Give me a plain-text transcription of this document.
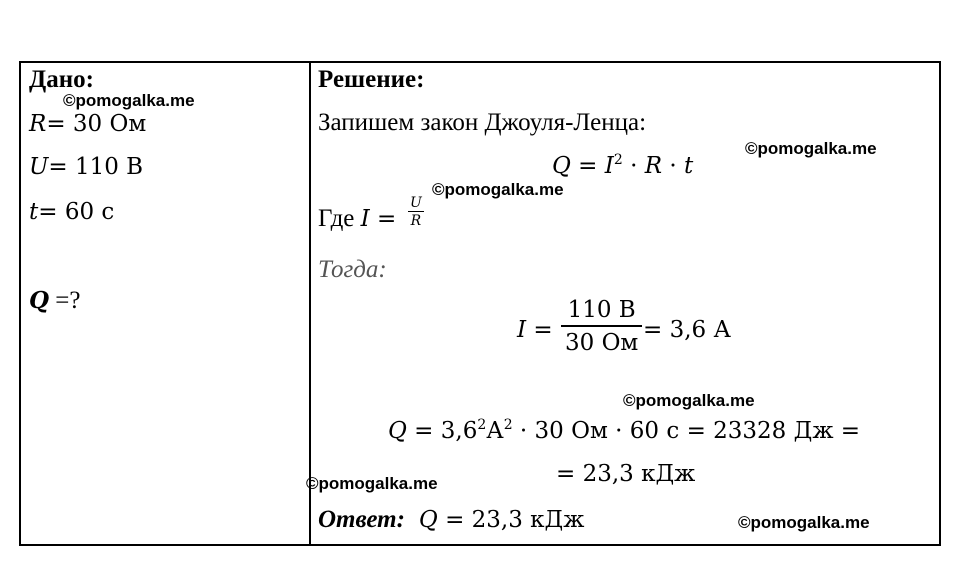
Дано:
R= 30 Ом
U= 110 В
t= 60 с
Q =?
Решение:
Запишем закон Джоуля-Ленца:
$Q = I^2 \cdot R \cdot t$
Где $I = \frac{U}{R}$
Тогда:
I =
110 В
30 Ом = 3,6 А
$Q = 3,6^2А^2 \cdot 30$ Ом · 60 с = 23328 Дж =
= 23,3 кДж
Ответ: Q = 23,3 кДж
©pomogalka.me
©pomogalka.me
©pomogalka.me
©pomogalka.me
©pomogalka.me
©pomogalka.me
